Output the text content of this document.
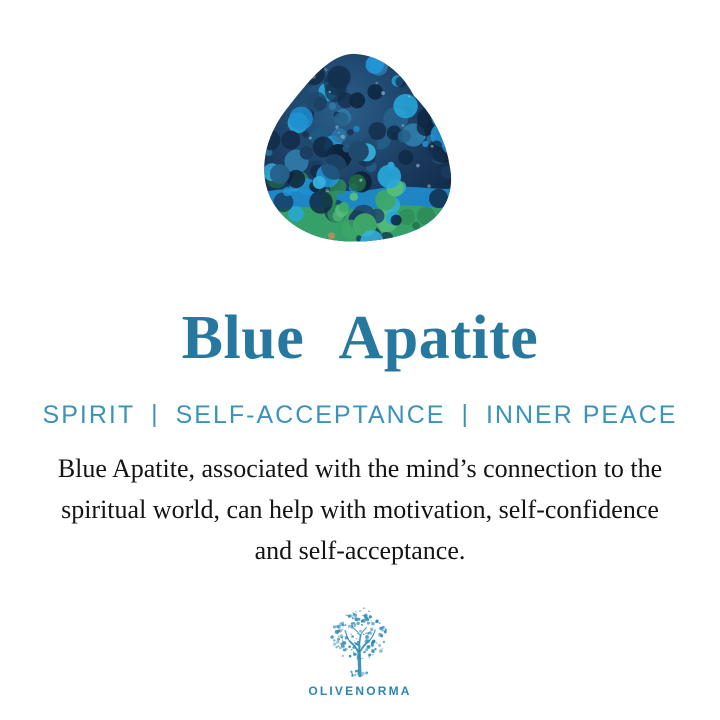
Blue Apatite
SPIRIT | SELF-ACCEPTANCE | INNER PEACE
Blue Apatite, associated with the mind’s connection to the
spiritual world, can help with motivation, self-confidence
and self-acceptance.
OLIVENORMA
